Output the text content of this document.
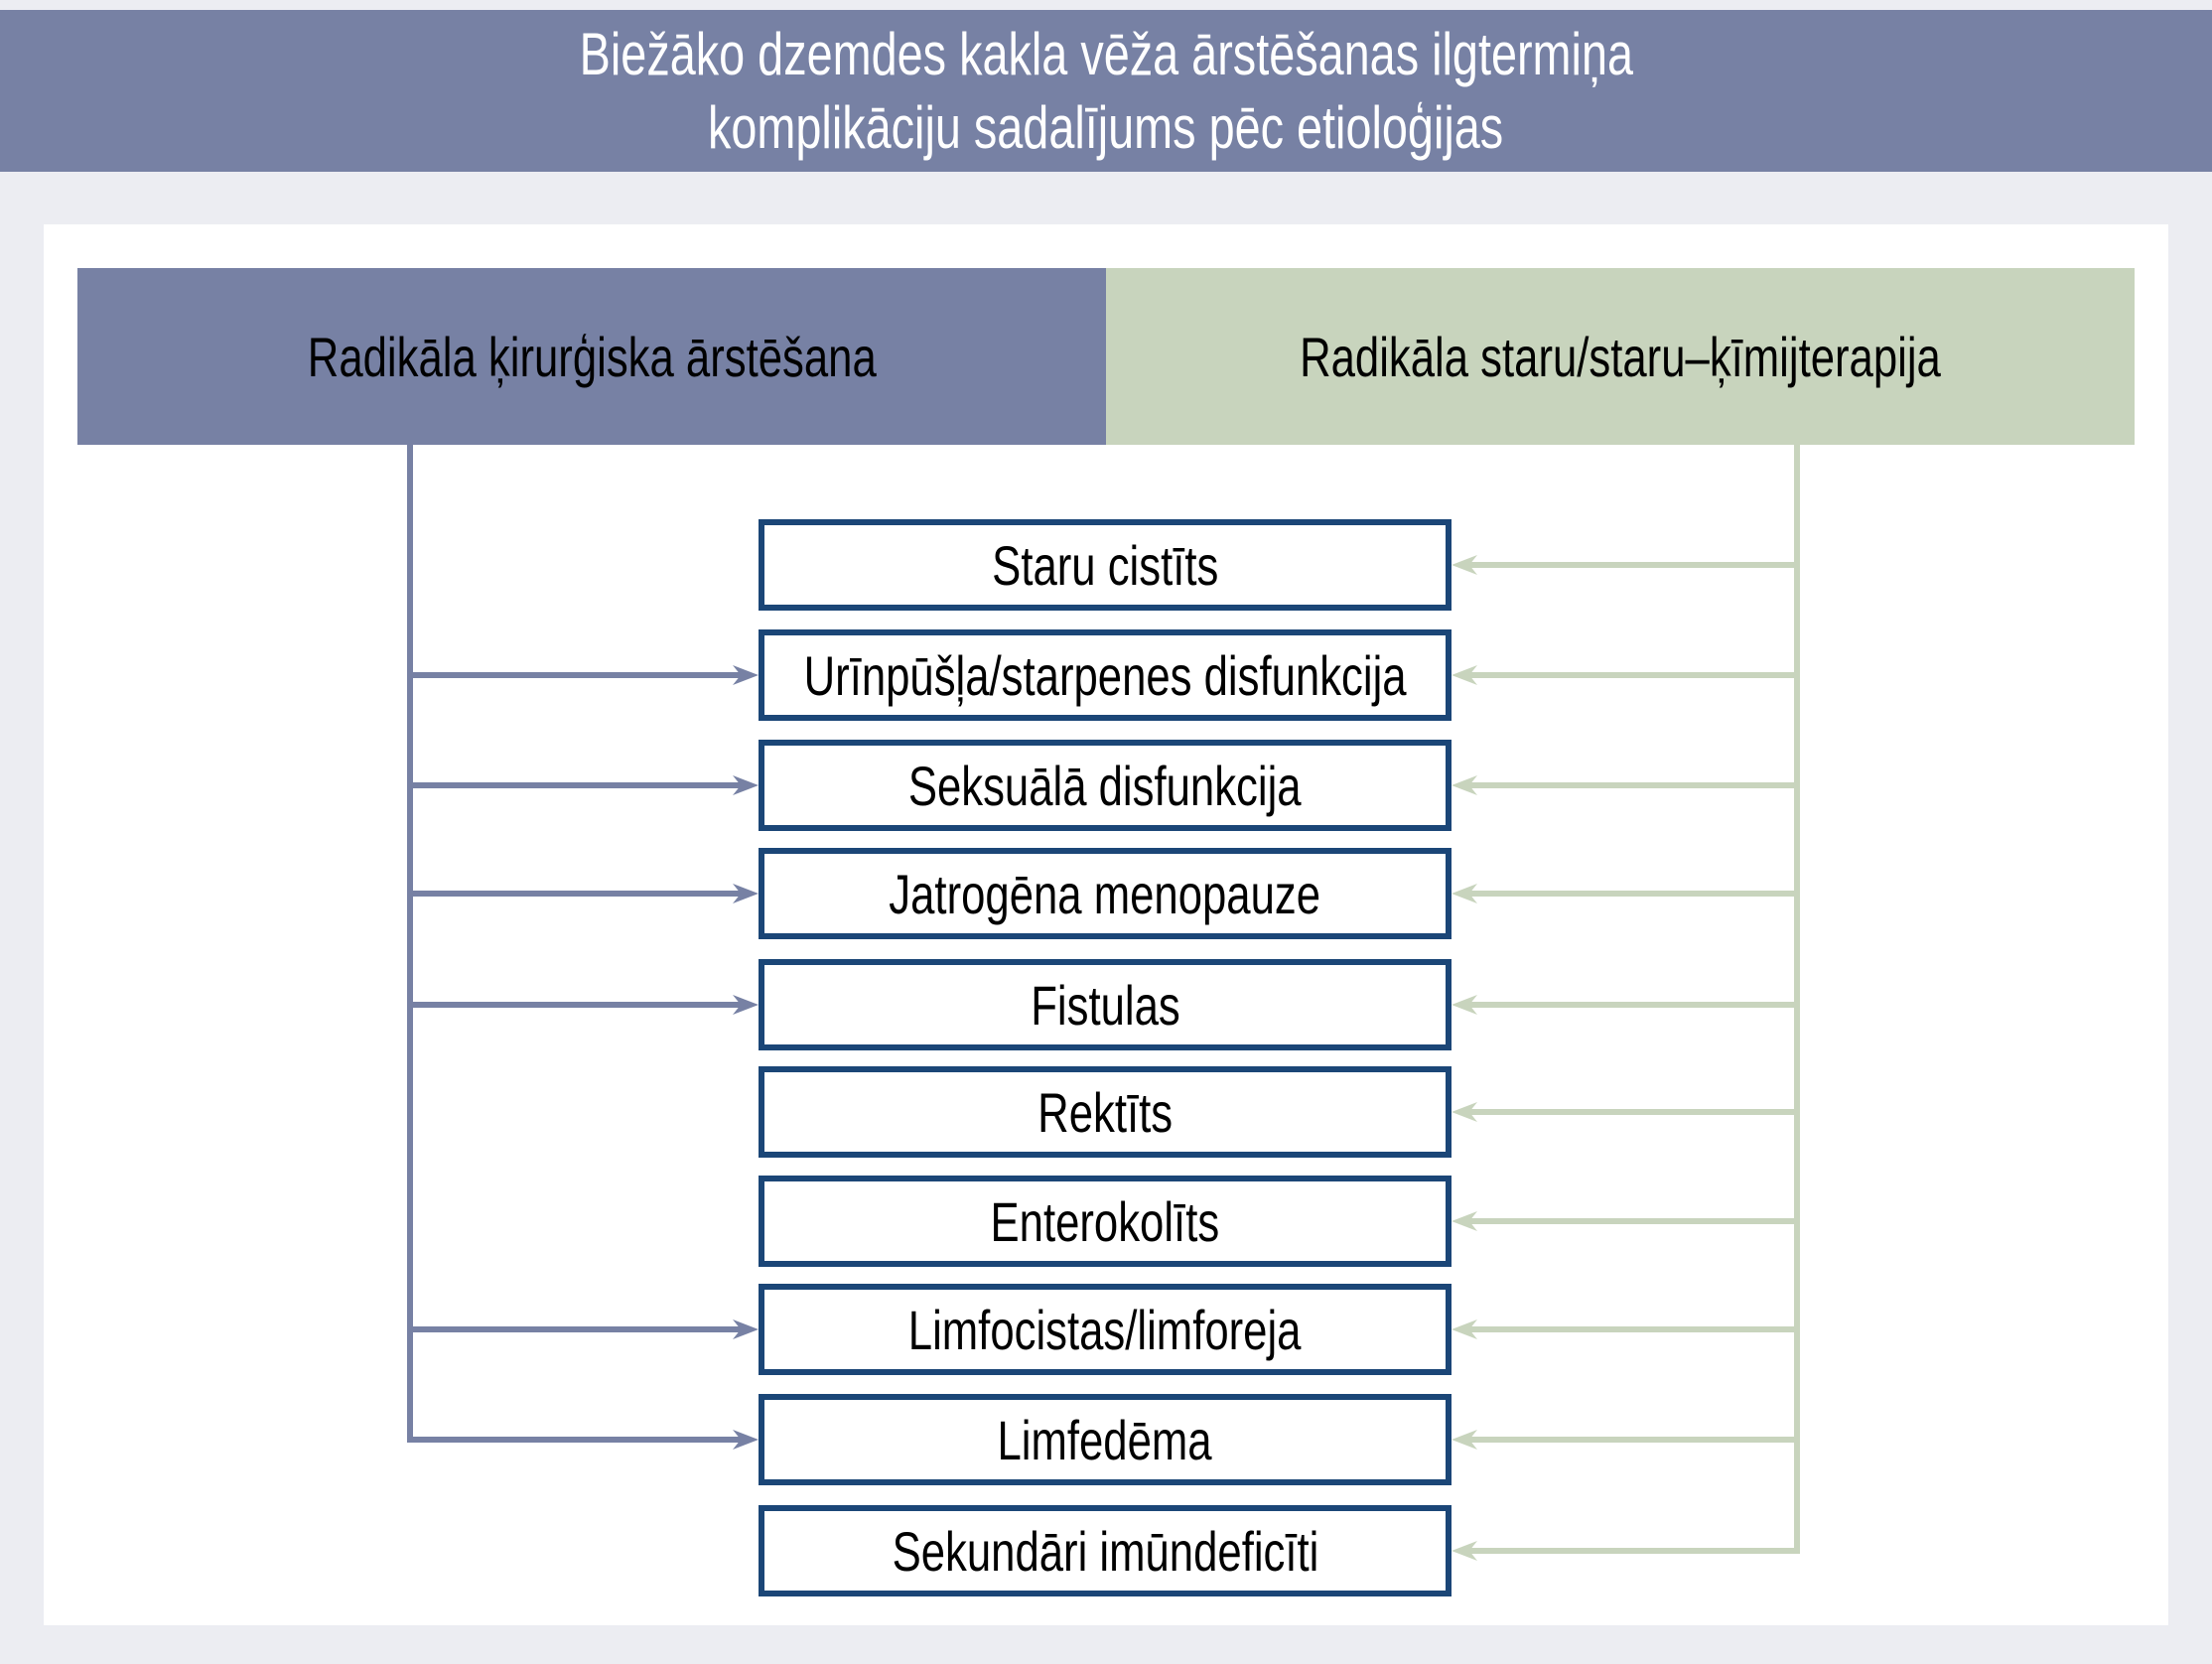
Biežāko dzemdes kakla vēža ārstēšanas ilgtermiņa
komplikāciju sadalījums pēc etioloģijas
Radikāla ķirurģiska ārstēšana	Radikāla staru/staru–ķīmijterapija
Staru cistīts
Urīnpūšļa/starpenes disfunkcija
Seksuālā disfunkcija
Jatrogēna menopauze
Fistulas
Rektīts
Enterokolīts
Limfocistas/limforeja
Limfedēma
Sekundāri imūndeficīti
